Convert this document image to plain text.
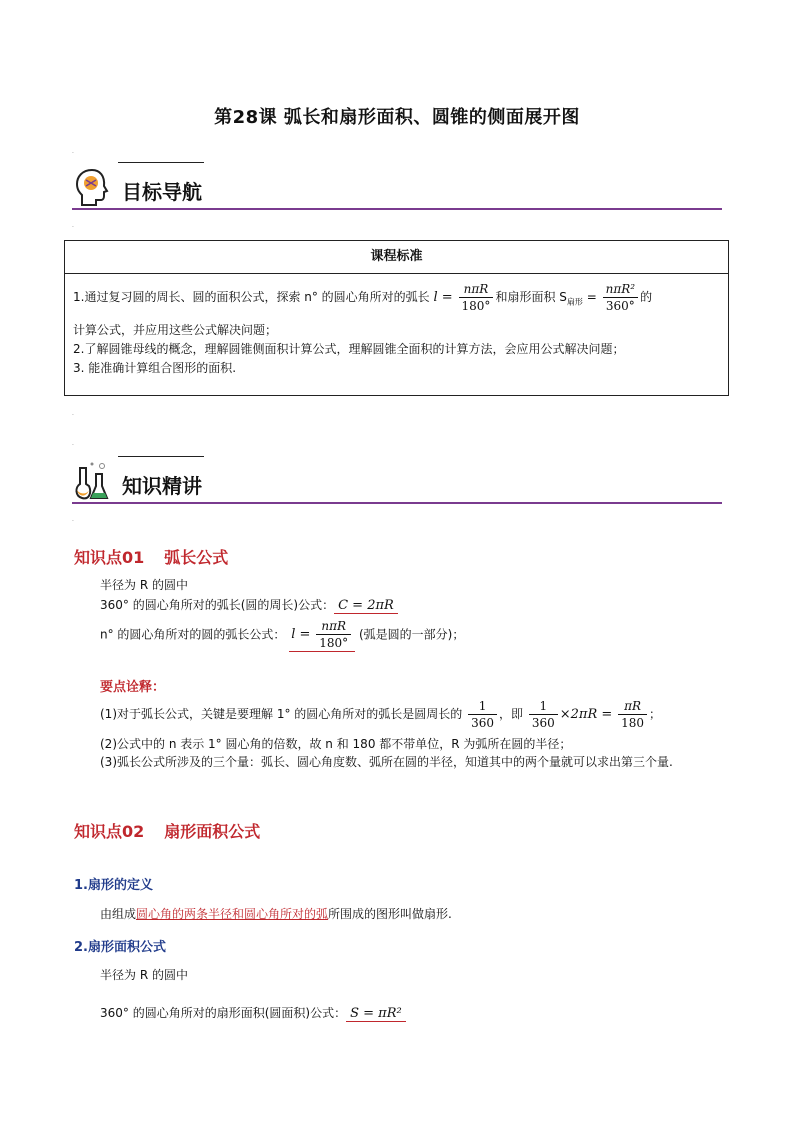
第28课 弧长和扇形面积、圆锥的侧面展开图
.
目标导航
.
课程标准
1.通过复习圆的周长、圆的面积公式，探索 n° 的圆心角所对的弧长 $l = \frac{\text{nπR}}{180^\circ}$ 和扇形面积 $S_{扇形} = \frac{\text{nπR²}}{360^\circ}$ 的
计算公式，并应用这些公式解决问题；
2.了解圆锥母线的概念，理解圆锥侧面积计算公式，理解圆锥全面积的计算方法，会应用公式解决问题；
3. 能准确计算组合图形的面积.
.
.
知识精讲
.
知识点01 弧长公式
半径为 R 的圆中
360° 的圆心角所对的弧长(圆的周长)公式： C = 2πR
n° 的圆心角所对的圆的弧长公式： $l = \frac{\text{nπR}}{180^\circ}$ (弧是圆的一部分)；
要点诠释：
(1)对于弧长公式，关键是要理解 1° 的圆心角所对的弧长是圆周长的 $\frac{1}{360}$ ，即 $\frac{1}{360} \times 2\pi R = \frac{\pi R}{180}$ ；
(2)公式中的 n 表示 1° 圆心角的倍数，故 n 和 180 都不带单位，R 为弧所在圆的半径；
(3)弧长公式所涉及的三个量：弧长、圆心角度数、弧所在圆的半径，知道其中的两个量就可以求出第三个量.
知识点02 扇形面积公式
1.扇形的定义
由组成圆心角的两条半径和圆心角所对的弧所围成的图形叫做扇形.
2.扇形面积公式
半径为 R 的圆中
360° 的圆心角所对的扇形面积(圆面积)公式： S = πR²
